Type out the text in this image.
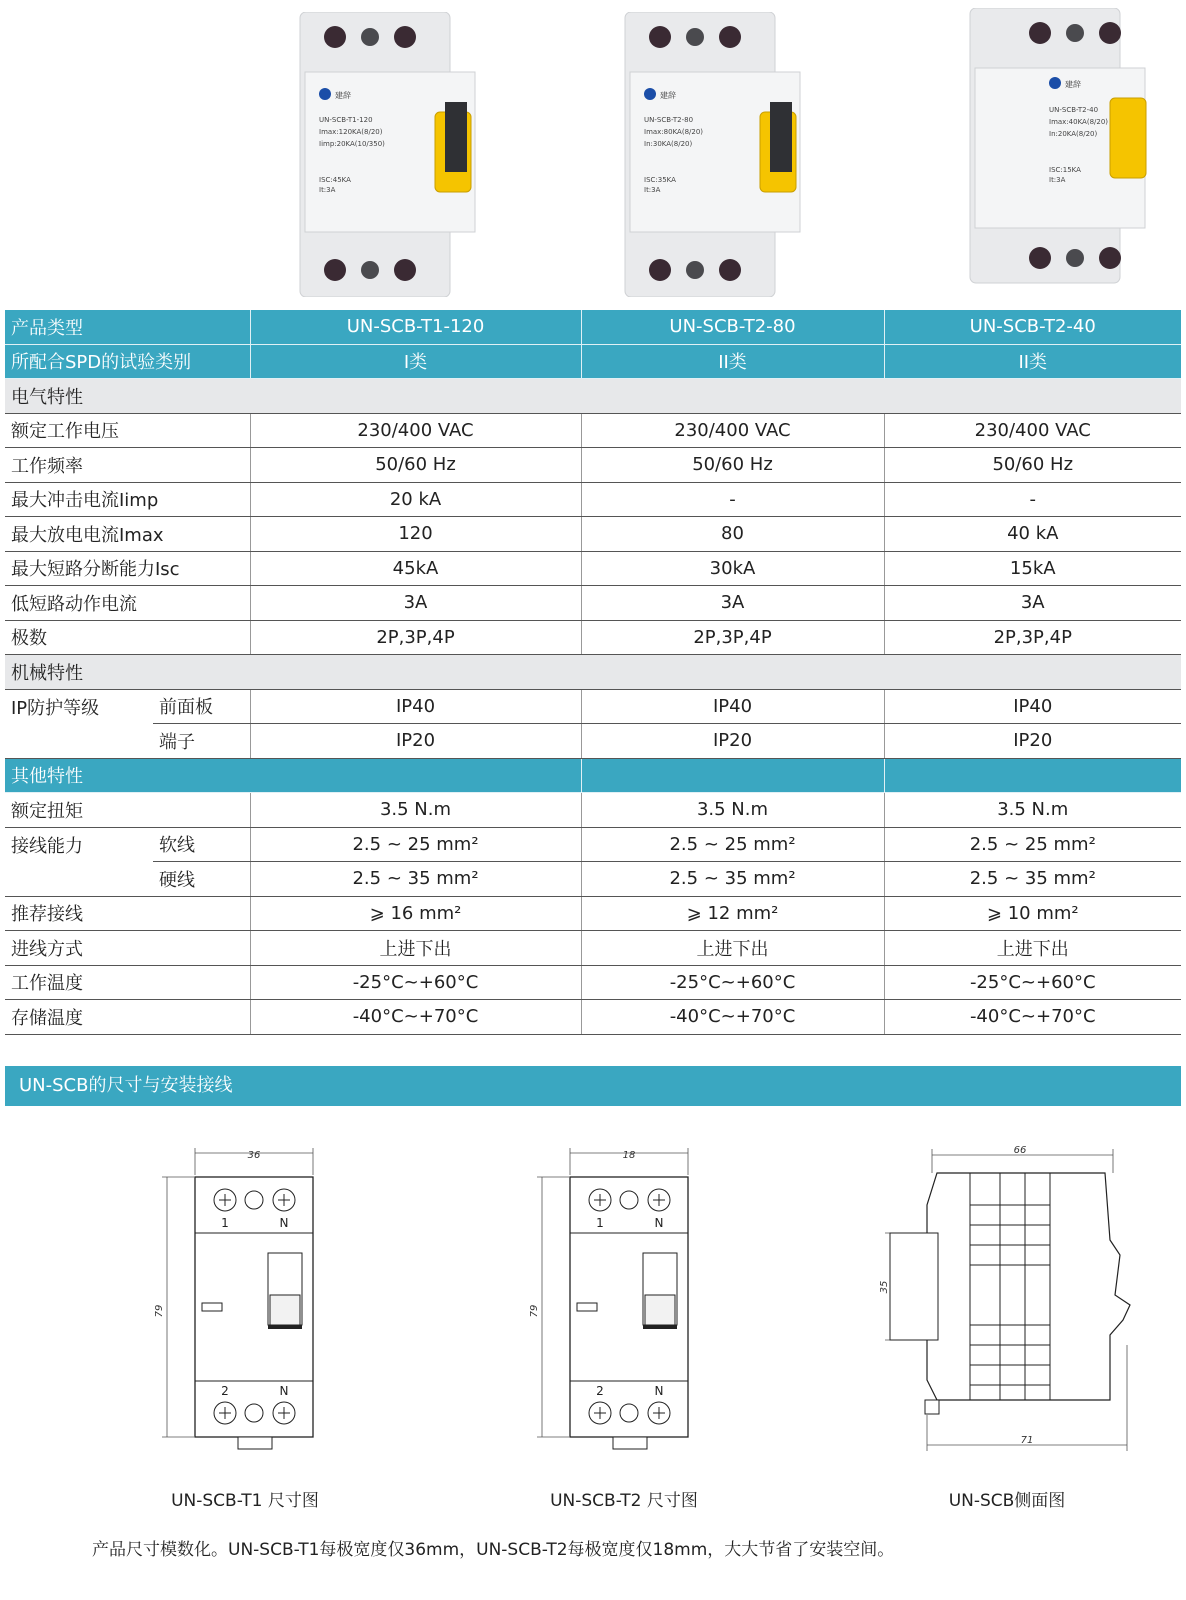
建辞
UN-SCB-T1-120
Imax:120KA(8/20)
Iimp:20KA(10/350)
ISC:45KA
It:3A
建辞
UN-SCB-T2-80
Imax:80KA(8/20)
In:30KA(8/20)
ISC:35KA
It:3A
建辞
UN-SCB-T2-40
Imax:40KA(8/20)
In:20KA(8/20)
ISC:15KA
It:3A
产品类型		UN-SCB-T1-120	UN-SCB-T2-80	UN-SCB-T2-40
所配合SPD的试验类别		I类	II类	II类
电气特性				
额定工作电压		230/400 VAC	230/400 VAC	230/400 VAC
工作频率		50/60 Hz	50/60 Hz	50/60 Hz
最大冲击电流Iimp		20 kA	-	-
最大放电电流Imax		120	80	40 kA
最大短路分断能力Isc		45kA	30kA	15kA
低短路动作电流		3A	3A	3A
极数		2P,3P,4P	2P,3P,4P	2P,3P,4P
机械特性				
IP防护等级	前面板	IP40	IP40	IP40
	端子	IP20	IP20	IP20
其他特性				
额定扭矩		3.5 N.m	3.5 N.m	3.5 N.m
接线能力	软线	2.5 ~ 25 mm²	2.5 ~ 25 mm²	2.5 ~ 25 mm²
	硬线	2.5 ~ 35 mm²	2.5 ~ 35 mm²	2.5 ~ 35 mm²
推荐接线		⩾ 16 mm²	⩾ 12 mm²	⩾ 10 mm²
进线方式		上进下出	上进下出	上进下出
工作温度		-25°C~+60°C	-25°C~+60°C	-25°C~+60°C
存储温度		-40°C~+70°C	-40°C~+70°C	-40°C~+70°C
UN-SCB的尺寸与安装接线
36
79
1	N
2	N
18
79
1	N
2	N
66
35
71
UN-SCB-T1 尺寸图	UN-SCB-T2 尺寸图	UN-SCB侧面图
产品尺寸模数化。UN-SCB-T1每极宽度仅36mm，UN-SCB-T2每极宽度仅18mm，大大节省了安装空间。
